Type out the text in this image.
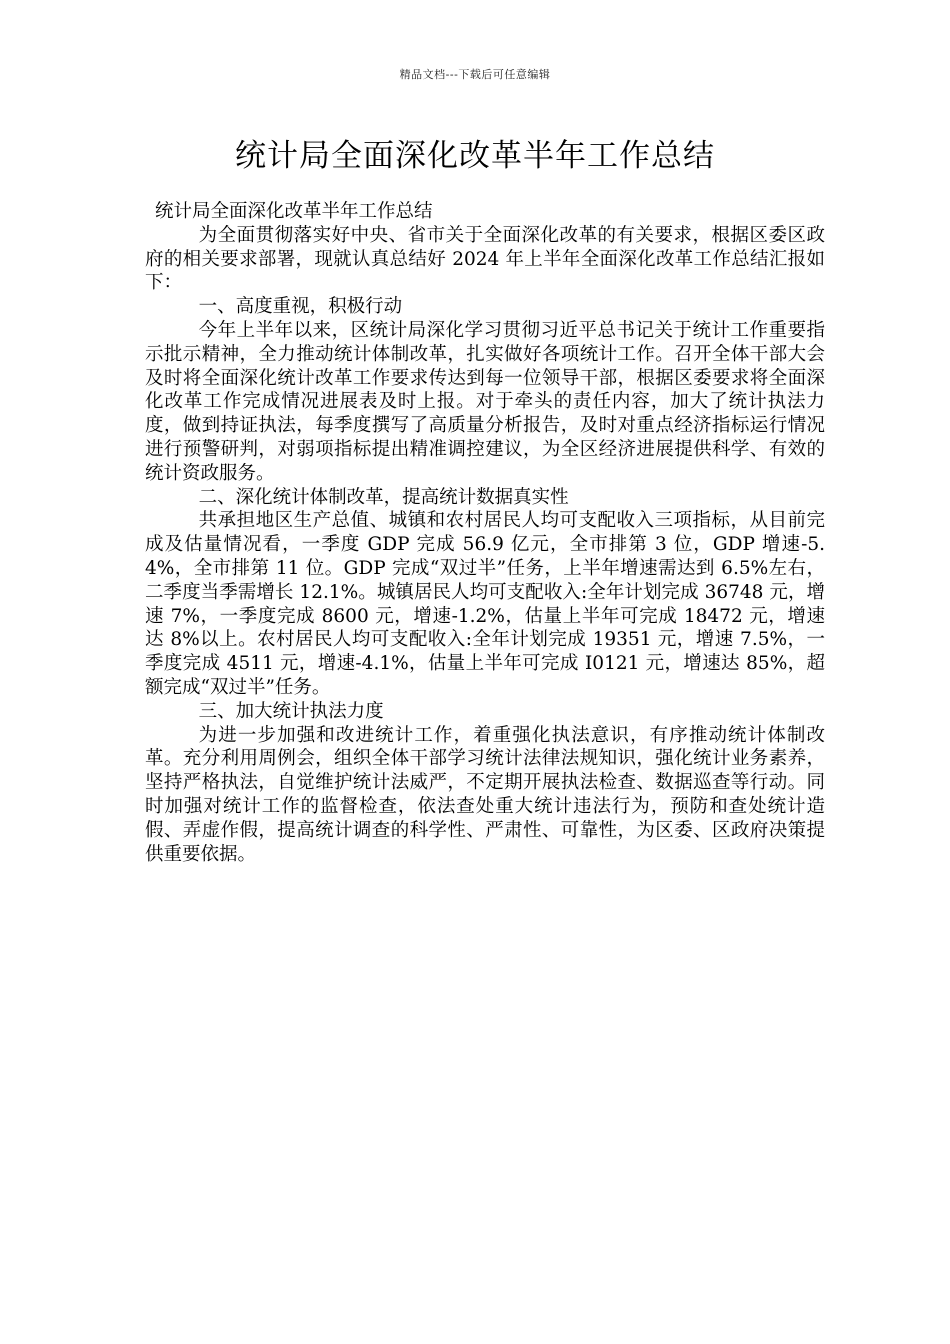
精品文档---下载后可任意编辑
统计局全面深化改革半年工作总结

统计局全面深化改革半年工作总结

为全面贯彻落实好中央、省市关于全面深化改革的有关要求，根据区委区政府的相关要求部署，现就认真总结好 2024 年上半年全面深化改革工作总结汇报如下：

一、高度重视，积极行动

今年上半年以来，区统计局深化学习贯彻习近平总书记关于统计工作重要指示批示精神，全力推动统计体制改革，扎实做好各项统计工作。召开全体干部大会及时将全面深化统计改革工作要求传达到每一位领导干部，根据区委要求将全面深化改革工作完成情况进展表及时上报。对于牵头的责任内容，加大了统计执法力度，做到持证执法，每季度撰写了高质量分析报告，及时对重点经济指标运行情况进行预警研判，对弱项指标提出精准调控建议，为全区经济进展提供科学、有效的统计资政服务。

二、深化统计体制改革，提高统计数据真实性

共承担地区生产总值、城镇和农村居民人均可支配收入三项指标，从目前完成及估量情况看，一季度 GDP 完成 56.9 亿元，全市排第 3 位，GDP 增速-5.4%，全市排第 11 位。GDP 完成“双过半”任务，上半年增速需达到 6.5%左右，二季度当季需增长 12.1%。城镇居民人均可支配收入:全年计划完成 36748 元，增速 7%，一季度完成 8600 元，增速-1.2%，估量上半年可完成 18472 元，增速达 8%以上。农村居民人均可支配收入:全年计划完成 19351 元，增速 7.5%，一季度完成 4511 元，增速-4.1%，估量上半年可完成 I0121 元，增速达 85%，超额完成“双过半”任务。

三、加大统计执法力度

为进一步加强和改进统计工作，着重强化执法意识，有序推动统计体制改革。充分利用周例会，组织全体干部学习统计法律法规知识，强化统计业务素养，坚持严格执法，自觉维护统计法威严，不定期开展执法检查、数据巡查等行动。同时加强对统计工作的监督检查，依法查处重大统计违法行为，预防和查处统计造假、弄虚作假，提高统计调查的科学性、严肃性、可靠性，为区委、区政府决策提供重要依据。
